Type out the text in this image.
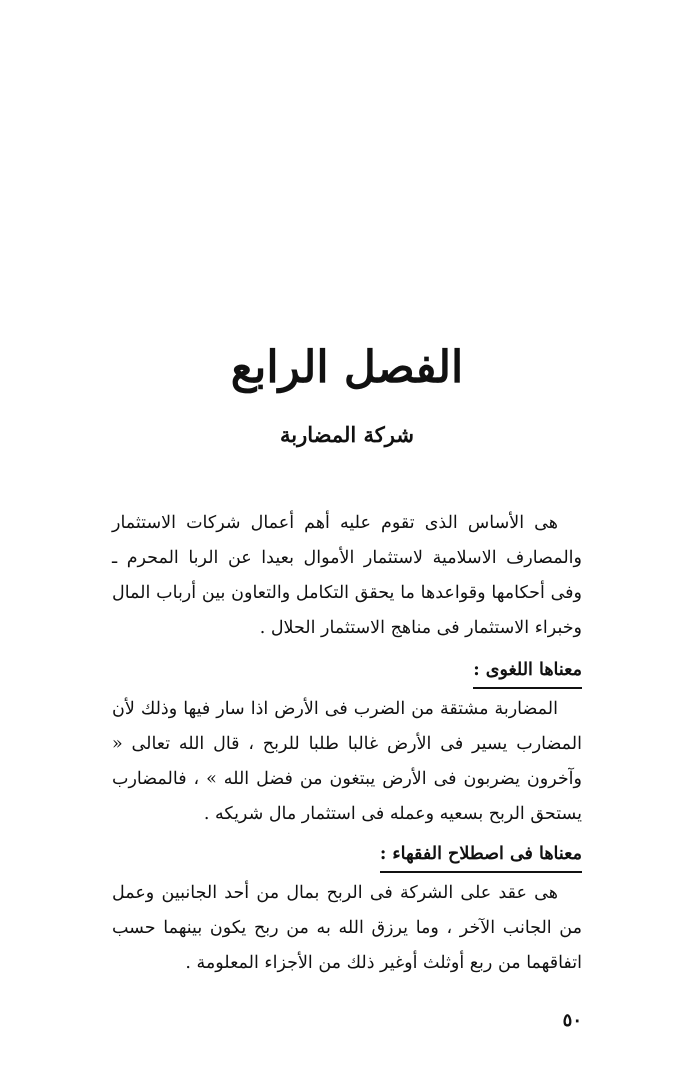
الفصل الرابع
شركة المضاربة

هى الأساس الذى تقوم عليه أهم أعمال شركات الاستثمار والمصارف الاسلامية لاستثمار الأموال بعيدا عن الربا المحرم ـ وفى أحكامها وقواعدها ما يحقق التكامل والتعاون بين أرباب المال وخبراء الاستثمار فى مناهج الاستثمار الحلال .

معناها اللغوى :

المضاربة مشتقة من الضرب فى الأرض اذا سار فيها وذلك لأن المضارب يسير فى الأرض غالبا طلبا للربح ، قال الله تعالى « وآخرون يضربون فى الأرض يبتغون من فضل الله » ، فالمضارب يستحق الربح بسعيه وعمله فى استثمار مال شريكه .

معناها فى اصطلاح الفقهاء :

هى عقد على الشركة فى الربح بمال من أحد الجانبين وعمل من الجانب الآخر ، وما يرزق الله به من ربح يكون بينهما حسب اتفاقهما من ربع أوثلث أوغير ذلك من الأجزاء المعلومة .

٥٠
